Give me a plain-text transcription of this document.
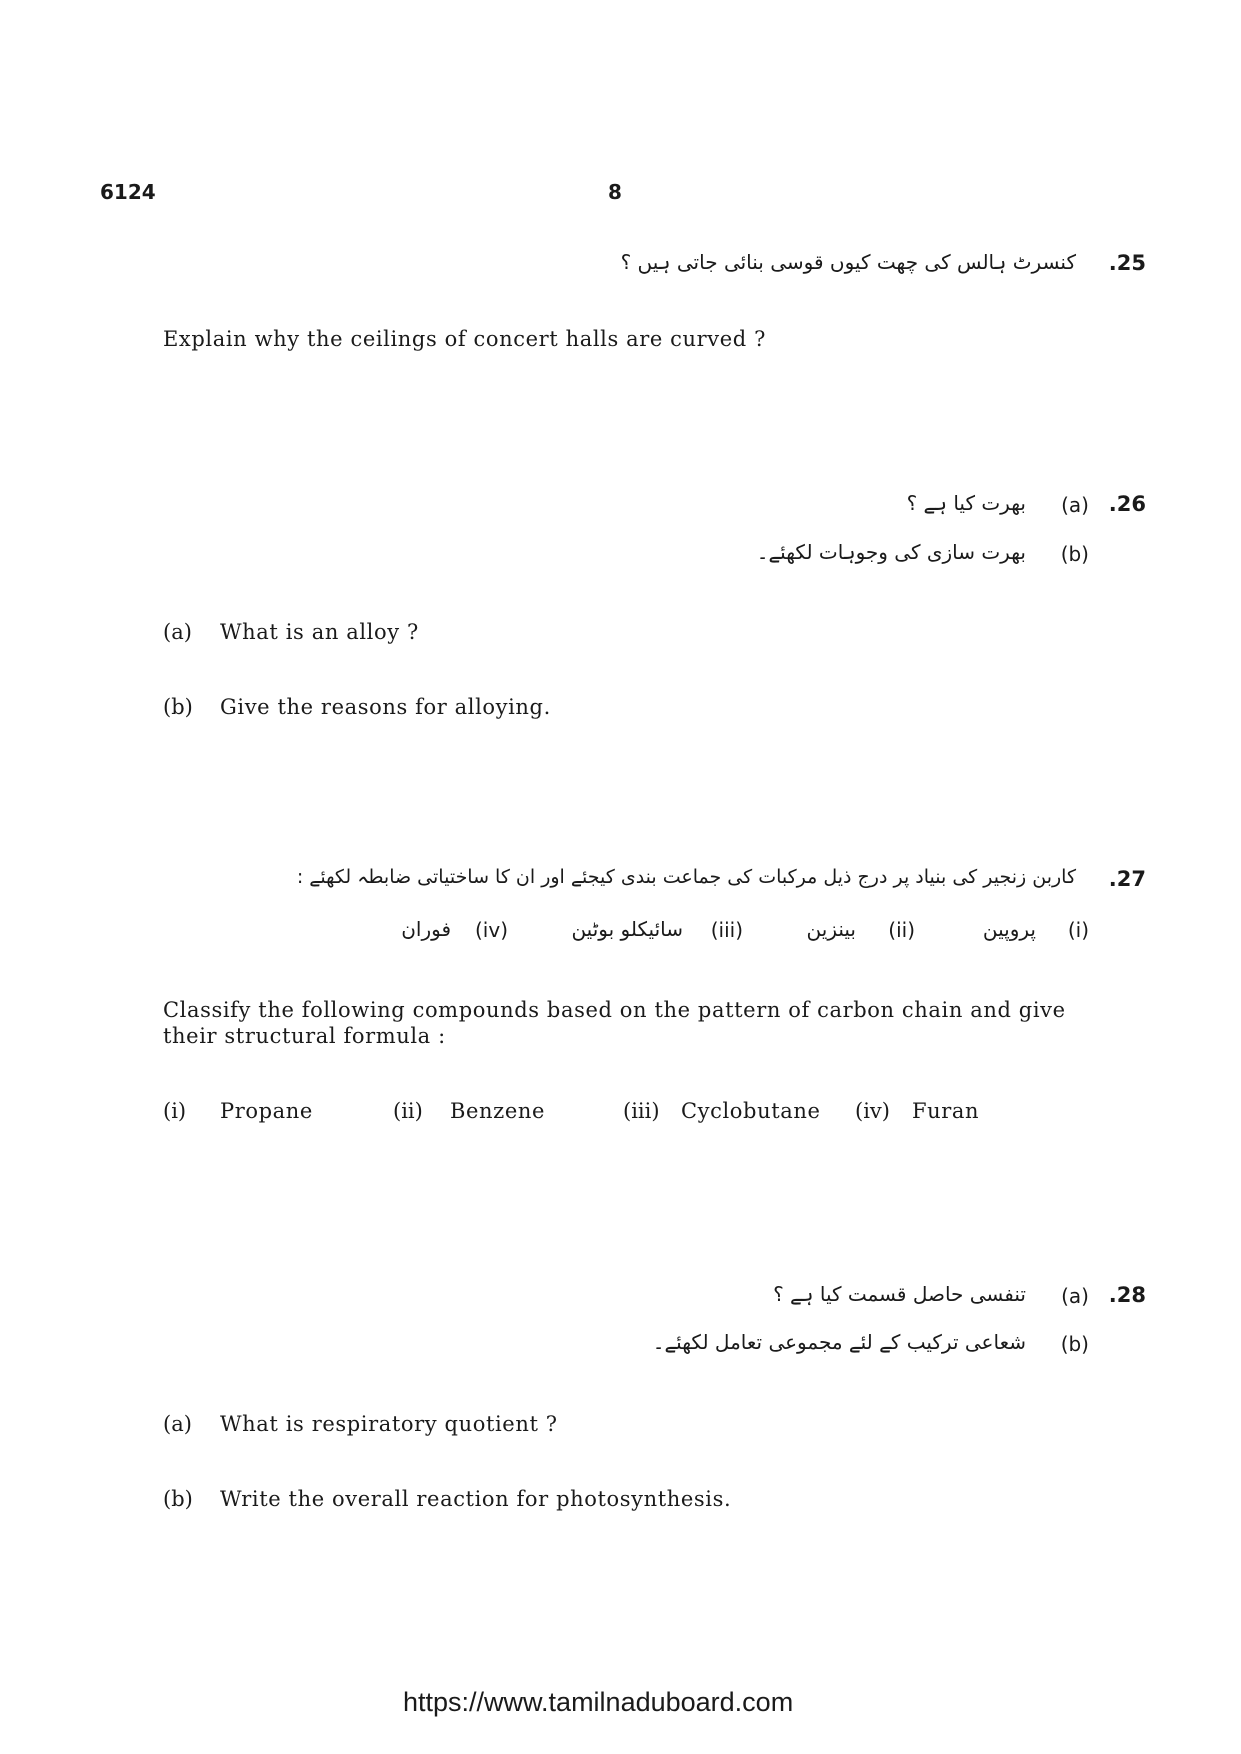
6124	8
.25
کنسرٹ ہالس کی چھت کیوں قوسی بنائی جاتی ہیں ؟
Explain why the ceilings of concert halls are curved ?
.26
(a)
بھرت کیا ہے ؟
(b)
بھرت سازی کی وجوہات لکھئے۔
(a) What is an alloy ?
(b) Give the reasons for alloying.
.27
کاربن زنجیر کی بنیاد پر درج ذیل مرکبات کی جماعت بندی کیجئے اور ان کا ساختیاتی ضابطہ لکھئے :
(i)
پروپین
(ii)
بینزین
(iii)
سائیکلو بوٹین
(iv)
فوران
Classify the following compounds based on the pattern of carbon chain and give
their structural formula :
(i) Propane	(ii) Benzene	(iii) Cyclobutane (iv) Furan
.28
(a)
تنفسی حاصل قسمت کیا ہے ؟
(b)
شعاعی ترکیب کے لئے مجموعی تعامل لکھئے۔
(a) What is respiratory quotient ?
(b) Write the overall reaction for photosynthesis.
https://www.tamilnaduboard.com
